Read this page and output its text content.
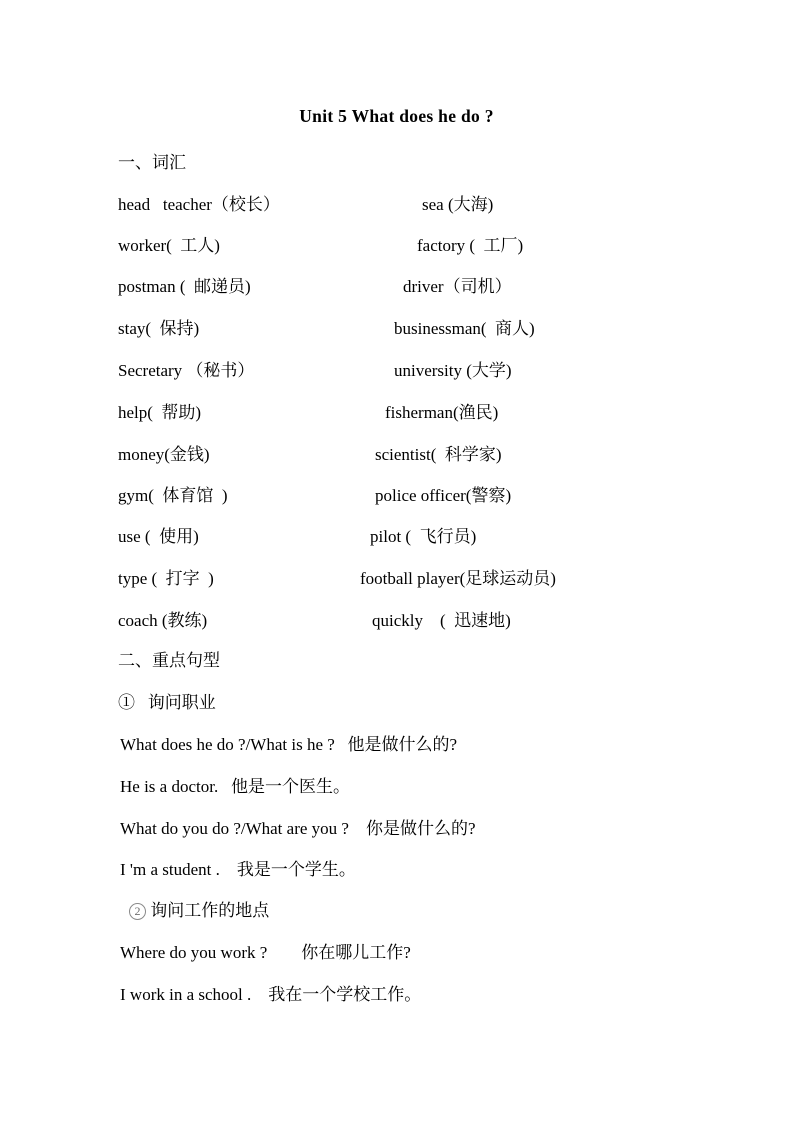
Unit 5 What does he do ?
一、词汇
head   teacher（校长）	sea (大海)
worker(  工人)	factory (  工厂)
postman (  邮递员)	driver（司机）
stay(  保持)	businessman(  商人)
Secretary （秘书）	university (大学)
help(  帮助)	fisherman(渔民)
money(金钱)	scientist(  科学家)
gym(  体育馆  )	police officer(警察)
use (  使用)	pilot (  飞行员)
type (  打字  )	football player(足球运动员)
coach (教练)	quickly    (  迅速地)
二、重点句型
①   询问职业
2 询问工作的地点
What does he do ?/What is he ?   他是做什么的?
He is a doctor.   他是一个医生。
What do you do ?/What are you ?    你是做什么的?
I 'm a student .    我是一个学生。
Where do you work ?        你在哪儿工作?
I work in a school .    我在一个学校工作。
